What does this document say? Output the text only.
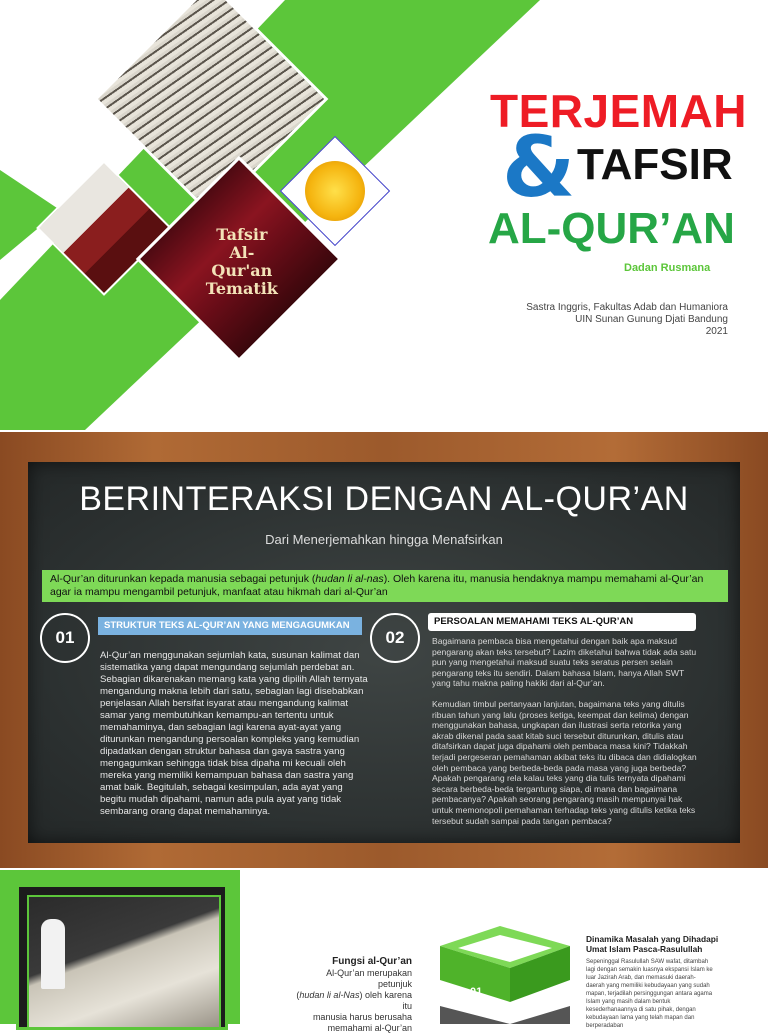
Tafsir Al-Qur'an Tematik
TERJEMAH
& TAFSIR
AL-QUR’AN
Dadan Rusmana
Sastra Inggris, Fakultas Adab dan Humaniora
UIN Sunan Gunung Djati Bandung
2021
BERINTERAKSI DENGAN AL-QUR’AN
Dari Menerjemahkan hingga Menafsirkan
Al-Qur’an diturunkan kepada manusia sebagai petunjuk (hudan li al-nas). Oleh karena itu, manusia hendaknya mampu memahami al-Qur’an agar ia mampu mengambil petunjuk, manfaat atau hikmah dari al-Qur’an
01
STRUKTUR TEKS AL-QUR’AN YANG MENGAGUMKAN
Al-Qur’an menggunakan sejumlah kata, susunan kalimat dan sistematika yang dapat mengundang sejumlah perdebat an. Sebagian dikarenakan memang kata yang dipilih Allah ternyata mengandung makna lebih dari satu, sebagian lagi disebabkan penjelasan Allah bersifat isyarat atau mengandung kalimat samar yang membutuhkan kemampu-an tertentu untuk memahaminya, dan sebagian lagi karena ayat-ayat yang diturunkan mengandung persoalan kompleks yang kemudian dipadatkan dengan struktur bahasa dan gaya sastra yang mengagumkan sehingga tidak bisa dipaha mi kecuali oleh mereka yang memiliki kemampuan bahasa dan sastra yang amat baik. Begitulah, sebagai kesimpulan, ada ayat yang begitu mudah dipahami, namun ada pula ayat yang tidak sembarang orang dapat memahaminya.
02
PERSOALAN MEMAHAMI TEKS AL-QUR’AN

Bagaimana pembaca bisa mengetahui dengan baik apa maksud pengarang akan teks tersebut? Lazim diketahui bahwa tidak ada satu pun yang mengetahui maksud suatu teks seratus persen selain pengarang teks itu sendiri. Dalam bahasa Islam, hanya Allah SWT yang tahu makna paling hakiki dari al-Qur’an.

Kemudian timbul pertanyaan lanjutan, bagaimana teks yang ditulis ribuan tahun yang lalu (proses ketiga, keempat dan kelima) dengan menggunakan bahasa, ungkapan dan ilustrasi serta retorika yang akrab dikenal pada saat kitab suci tersebut diturunkan, ditulis atau ditafsirkan dapat juga dipahami oleh pembaca masa kini? Tidakkah terjadi pergeseran pemahaman akibat teks itu dibaca dan didialogkan oleh pembaca yang berbeda-beda pada masa yang juga berbeda? Apakah pengarang rela kalau teks yang dia tulis ternyata dipahami secara berbeda-beda tergantung siapa, di mana dan bagaimana pembacanya? Apakah seorang pengarang masih mempunyai hak untuk memonopoli pemahaman terhadap teks yang ditulis ketika teks tersebut sudah sampai pada tangan pembaca?

Fungsi al-Qur’an
Al-Qur’an merupakan petunjuk
(hudan li al-Nas) oleh karena itu
manusia harus berusaha
memahami al-Qur’an
01
Dinamika Masalah yang Dihadapi
Umat Islam Pasca-Rasulullah
Sepeninggal Rasulullah SAW wafat, ditambah lagi dengan semakin luasnya ekspansi Islam ke luar Jazirah Arab, dan memasuki daerah-daerah yang memiliki kebudayaan yang sudah mapan, terjadilah persinggungan antara agama Islam yang masih dalam bentuk kesederhanaannya di satu pihak, dengan kebudayaan lama yang telah mapan dan berperadaban
